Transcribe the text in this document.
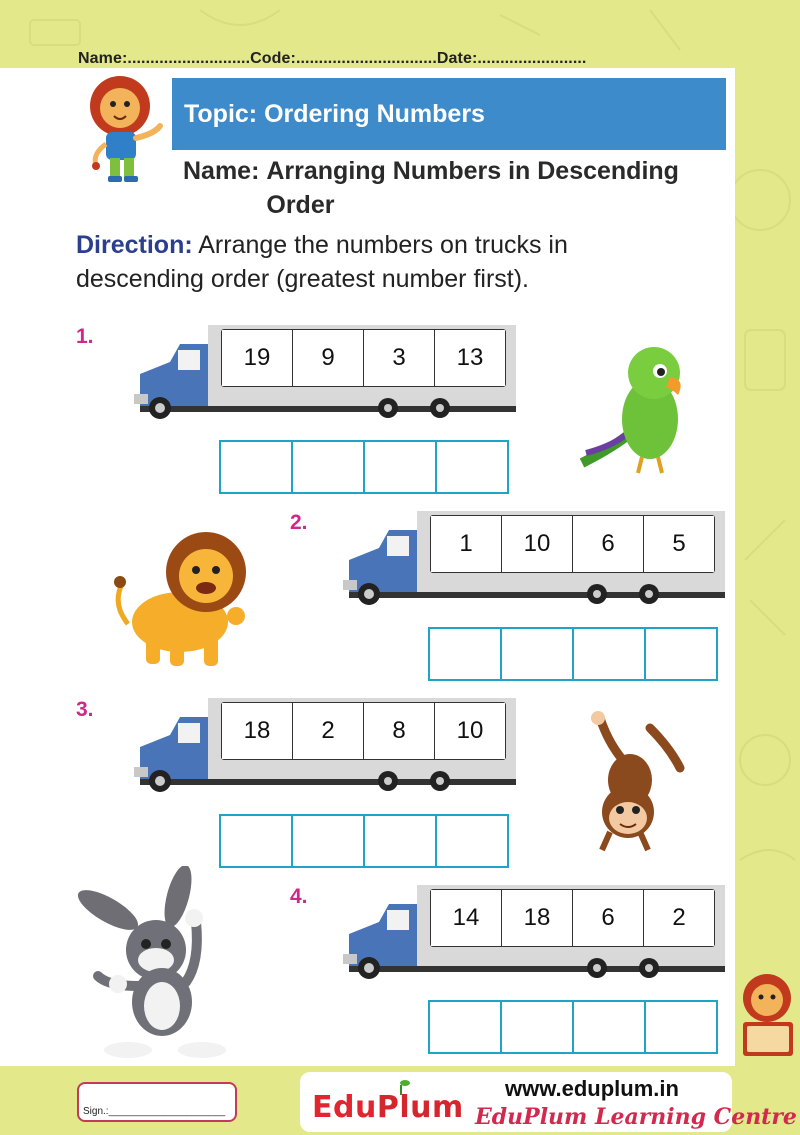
Name:...........................Code:...............................Date:........................
Topic: Ordering Numbers
Name: Arranging Numbers in Descending Order
Direction: Arrange the numbers on trucks in descending order (greatest number first).
1.
19	9	3	13
2.
1	10	6	5
3.
18	2	8	10
4.
14	18	6	2
Sign.:_____________________	EduPlum
www.eduplum.in
EduPlum Learning Centre
